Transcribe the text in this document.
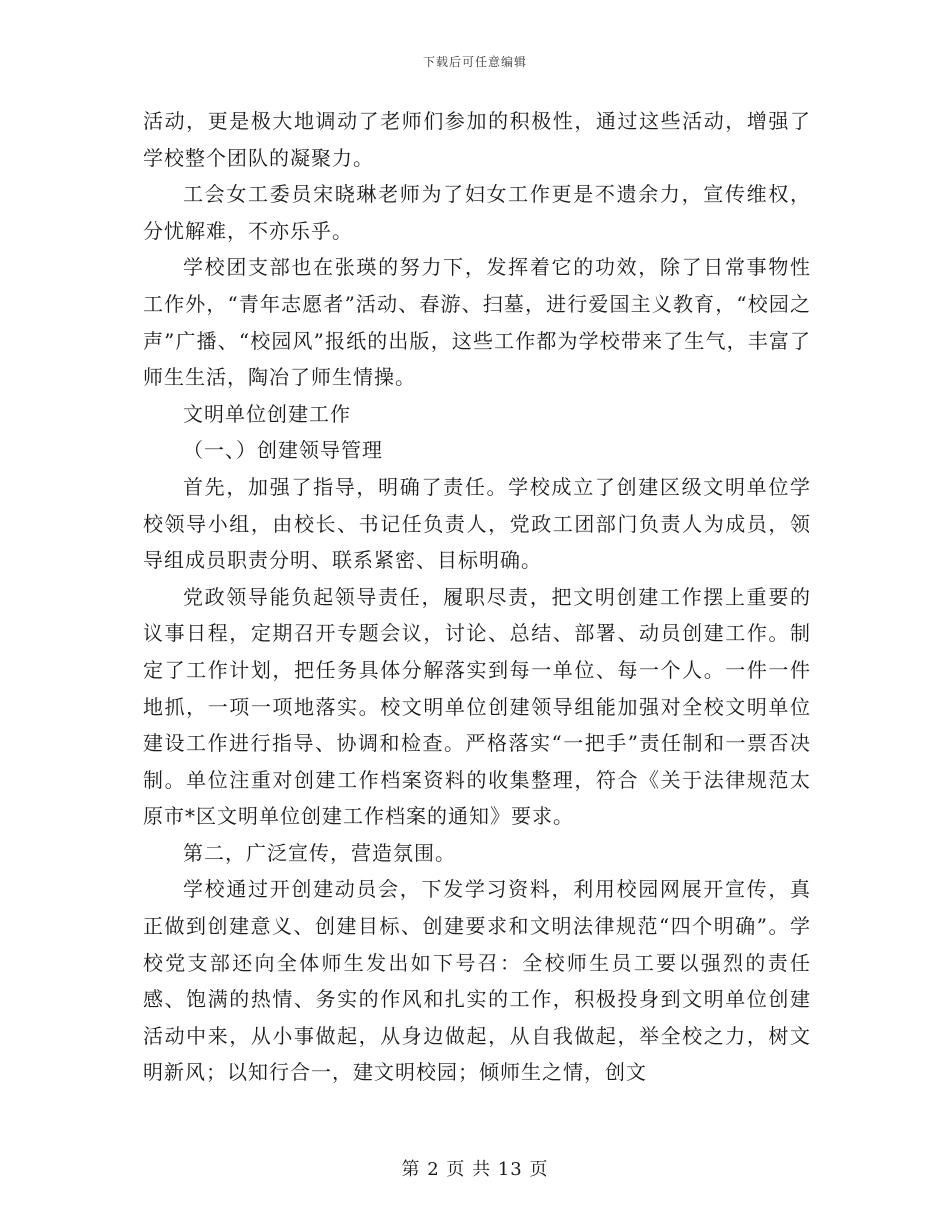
下载后可任意编辑

活动，更是极大地调动了老师们参加的积极性，通过这些活动，增强了学校整个团队的凝聚力。

工会女工委员宋晓琳老师为了妇女工作更是不遗余力，宣传维权，分忧解难，不亦乐乎。

学校团支部也在张瑛的努力下，发挥着它的功效，除了日常事物性工作外，“青年志愿者”活动、春游、扫墓，进行爱国主义教育，“校园之声”广播、“校园风”报纸的出版，这些工作都为学校带来了生气，丰富了师生生活，陶冶了师生情操。

文明单位创建工作

（一、）创建领导管理

首先，加强了指导，明确了责任。学校成立了创建区级文明单位学校领导小组，由校长、书记任负责人，党政工团部门负责人为成员，领导组成员职责分明、联系紧密、目标明确。

党政领导能负起领导责任，履职尽责，把文明创建工作摆上重要的议事日程，定期召开专题会议，讨论、总结、部署、动员创建工作。制定了工作计划，把任务具体分解落实到每一单位、每一个人。一件一件地抓，一项一项地落实。校文明单位创建领导组能加强对全校文明单位建设工作进行指导、协调和检查。严格落实“一把手”责任制和一票否决制。单位注重对创建工作档案资料的收集整理，符合《关于法律规范太原市*区文明单位创建工作档案的通知》要求。

第二，广泛宣传，营造氛围。

学校通过开创建动员会，下发学习资料，利用校园网展开宣传，真正做到创建意义、创建目标、创建要求和文明法律规范“四个明确”。学校党支部还向全体师生发出如下号召：全校师生员工要以强烈的责任感、饱满的热情、务实的作风和扎实的工作，积极投身到文明单位创建活动中来，从小事做起，从身边做起，从自我做起，举全校之力，树文明新风；以知行合一，建文明校园；倾师生之情，创文

第 2 页 共 13 页
